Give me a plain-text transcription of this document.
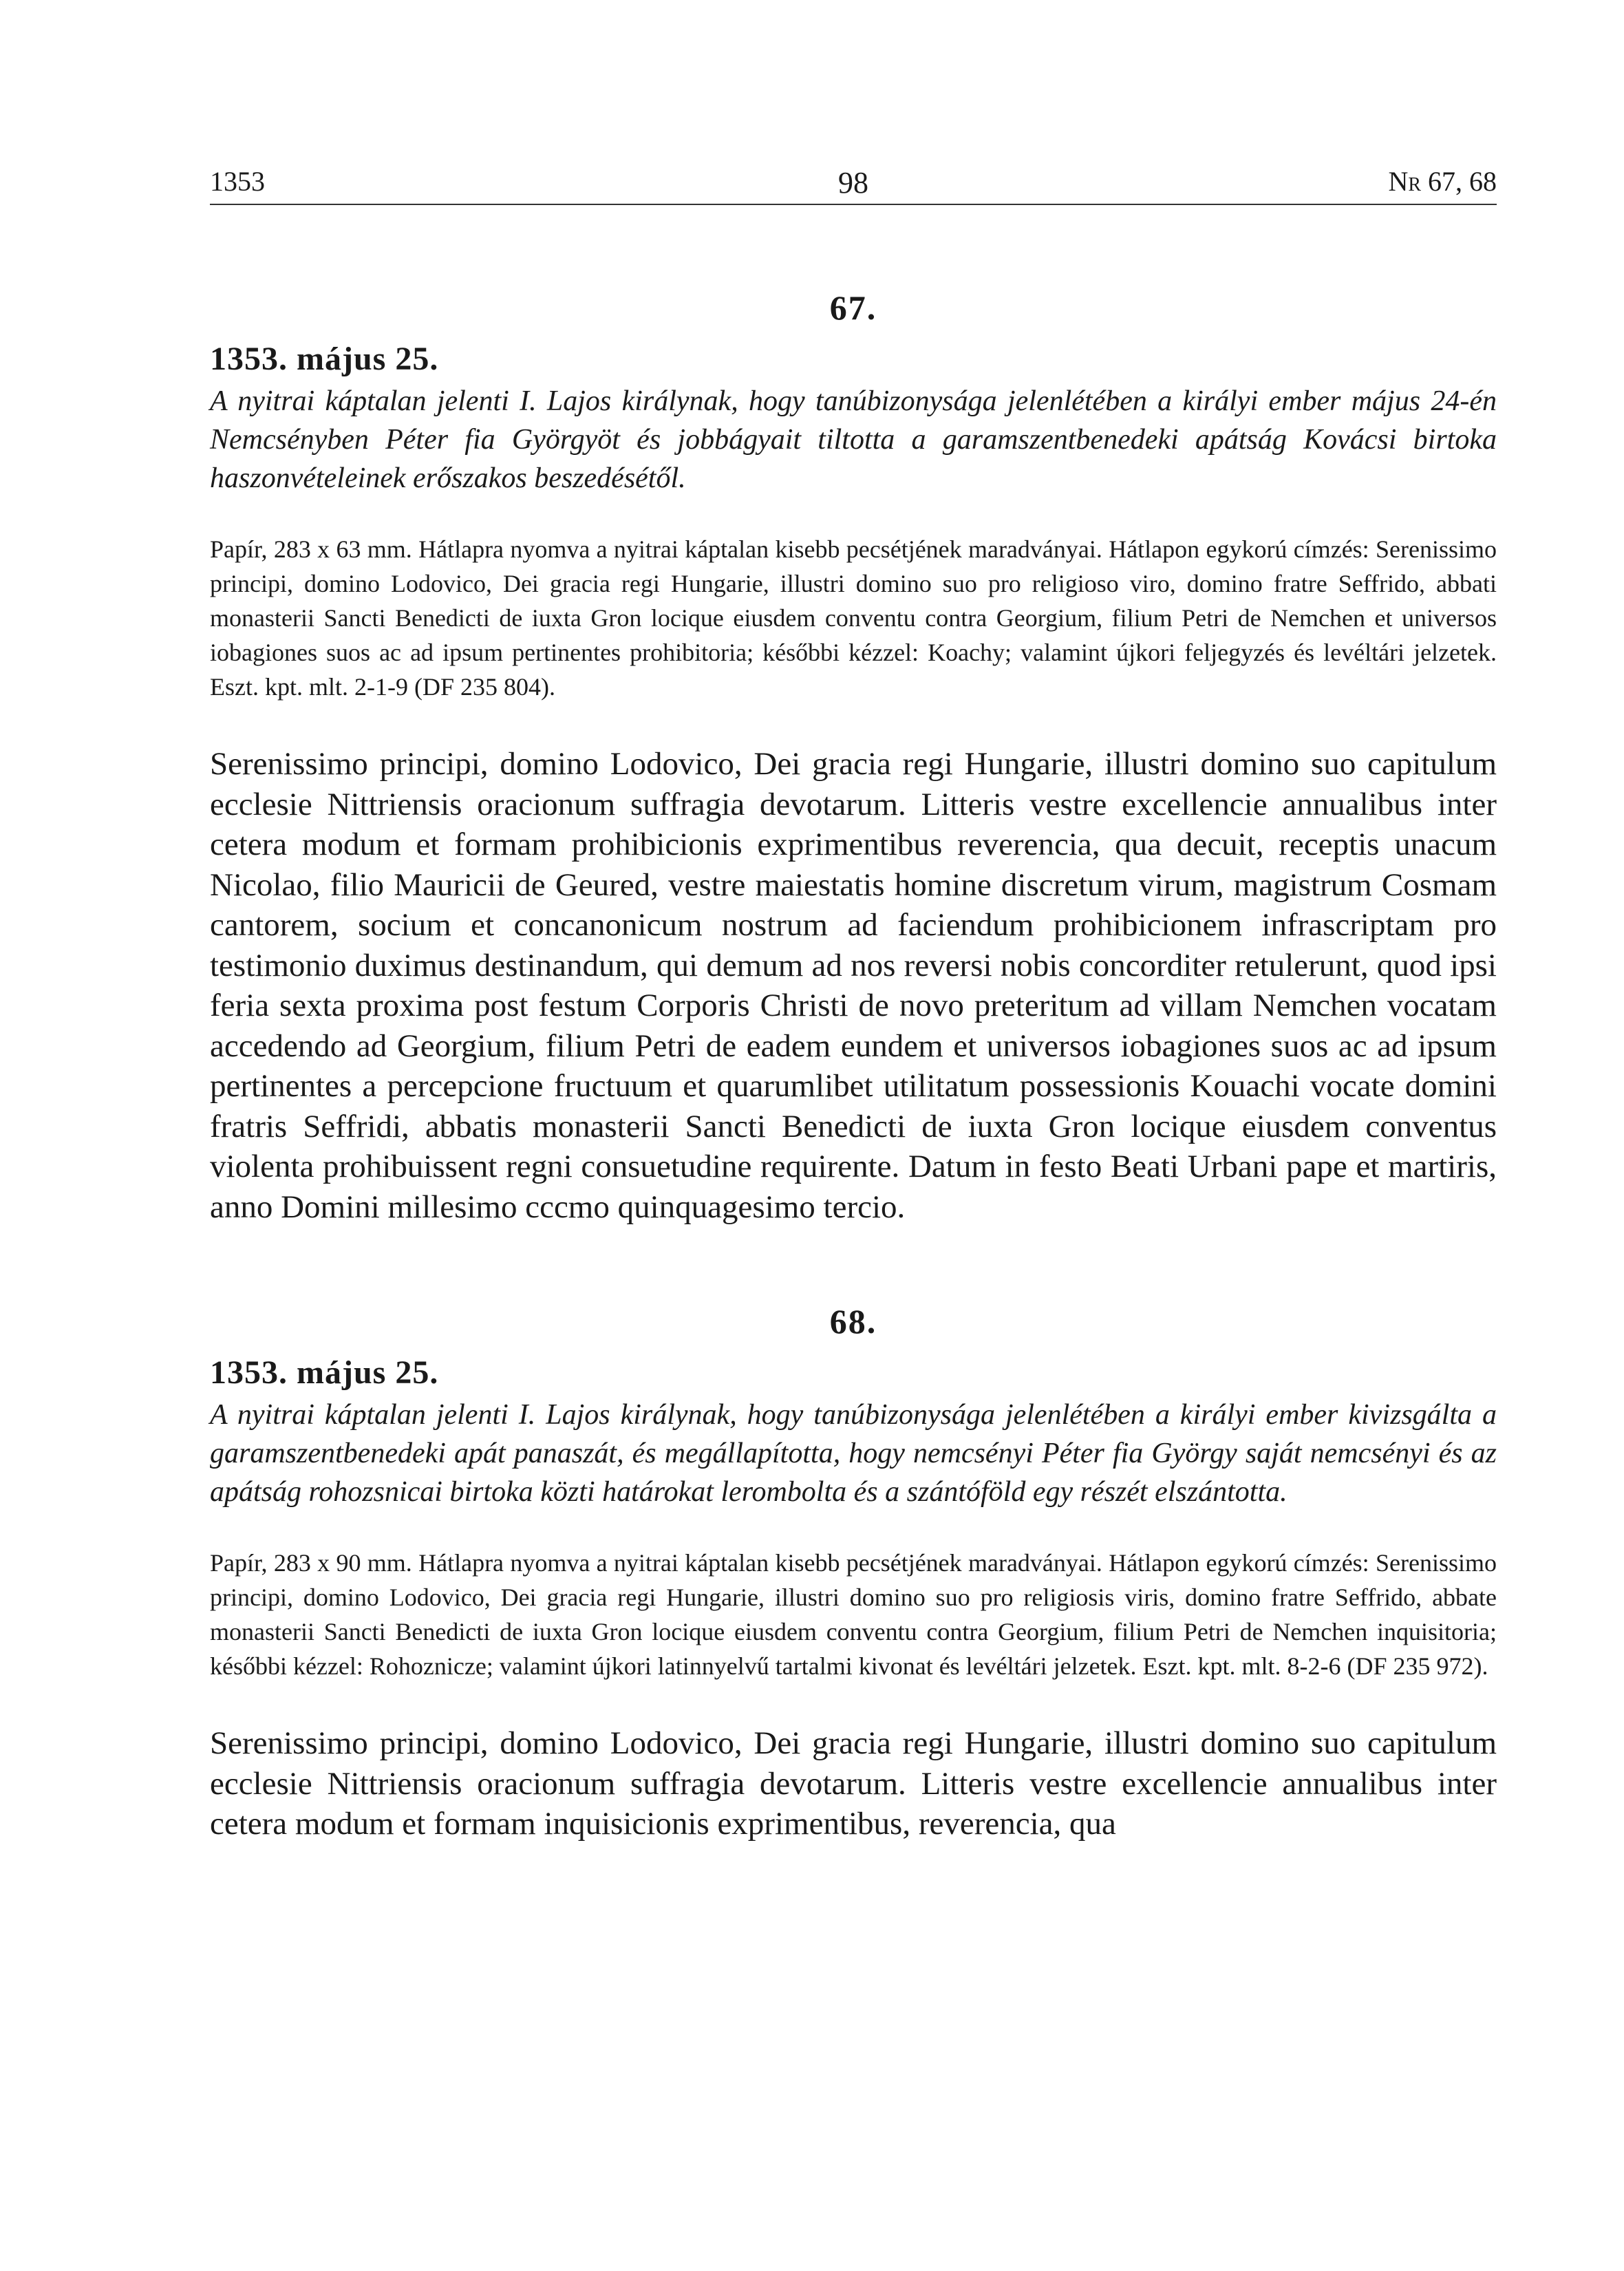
1353	98	Nr 67, 68
67.
1353. május 25.
A nyitrai káptalan jelenti I. Lajos királynak, hogy tanúbizonysága jelenlétében a királyi ember május 24-én Nemcsényben Péter fia Györgyöt és jobbágyait tiltotta a garamszentbenedeki apátság Kovácsi birtoka haszonvételeinek erőszakos beszedésétől.
Papír, 283 x 63 mm. Hátlapra nyomva a nyitrai káptalan kisebb pecsétjének maradványai. Hátlapon egykorú címzés: Serenissimo principi, domino Lodovico, Dei gracia regi Hungarie, illustri domino suo pro religioso viro, domino fratre Seffrido, abbati monasterii Sancti Benedicti de iuxta Gron locique eiusdem conventu contra Georgium, filium Petri de Nemchen et universos iobagiones suos ac ad ipsum pertinentes prohibitoria; későbbi kézzel: Koachy; valamint újkori feljegyzés és levéltári jelzetek. Eszt. kpt. mlt. 2-1-9 (DF 235 804).
Serenissimo principi, domino Lodovico, Dei gracia regi Hungarie, illustri domino suo capitulum ecclesie Nittriensis oracionum suffragia devotarum. Litteris vestre excellencie annualibus inter cetera modum et formam prohibicionis exprimentibus reverencia, qua decuit, receptis unacum Nicolao, filio Mauricii de Geured, vestre maiestatis homine discretum virum, magistrum Cosmam cantorem, socium et concanonicum nostrum ad faciendum prohibicionem infrascriptam pro testimonio duximus destinandum, qui demum ad nos reversi nobis concorditer retulerunt, quod ipsi feria sexta proxima post festum Corporis Christi de novo preteritum ad villam Nemchen vocatam accedendo ad Georgium, filium Petri de eadem eundem et universos iobagiones suos ac ad ipsum pertinentes a percepcione fructuum et quarumlibet utilitatum possessionis Kouachi vocate domini fratris Seffridi, abbatis monasterii Sancti Benedicti de iuxta Gron locique eiusdem conventus violenta prohibuissent regni consuetudine requirente. Datum in festo Beati Urbani pape et martiris, anno Domini millesimo cccmo quinquagesimo tercio.
68.
1353. május 25.
A nyitrai káptalan jelenti I. Lajos királynak, hogy tanúbizonysága jelenlétében a királyi ember kivizsgálta a garamszentbenedeki apát panaszát, és megállapította, hogy nemcsényi Péter fia György saját nemcsényi és az apátság rohozsnicai birtoka közti határokat lerombolta és a szántóföld egy részét elszántotta.
Papír, 283 x 90 mm. Hátlapra nyomva a nyitrai káptalan kisebb pecsétjének maradványai. Hátlapon egykorú címzés: Serenissimo principi, domino Lodovico, Dei gracia regi Hungarie, illustri domino suo pro religiosis viris, domino fratre Seffrido, abbate monasterii Sancti Benedicti de iuxta Gron locique eiusdem conventu contra Georgium, filium Petri de Nemchen inquisitoria; későbbi kézzel: Rohoznicze; valamint újkori latinnyelvű tartalmi kivonat és levéltári jelzetek. Eszt. kpt. mlt. 8-2-6 (DF 235 972).
Serenissimo principi, domino Lodovico, Dei gracia regi Hungarie, illustri domino suo capitulum ecclesie Nittriensis oracionum suffragia devotarum. Litteris vestre excellencie annualibus inter cetera modum et formam inquisicionis exprimentibus, reverencia, qua
